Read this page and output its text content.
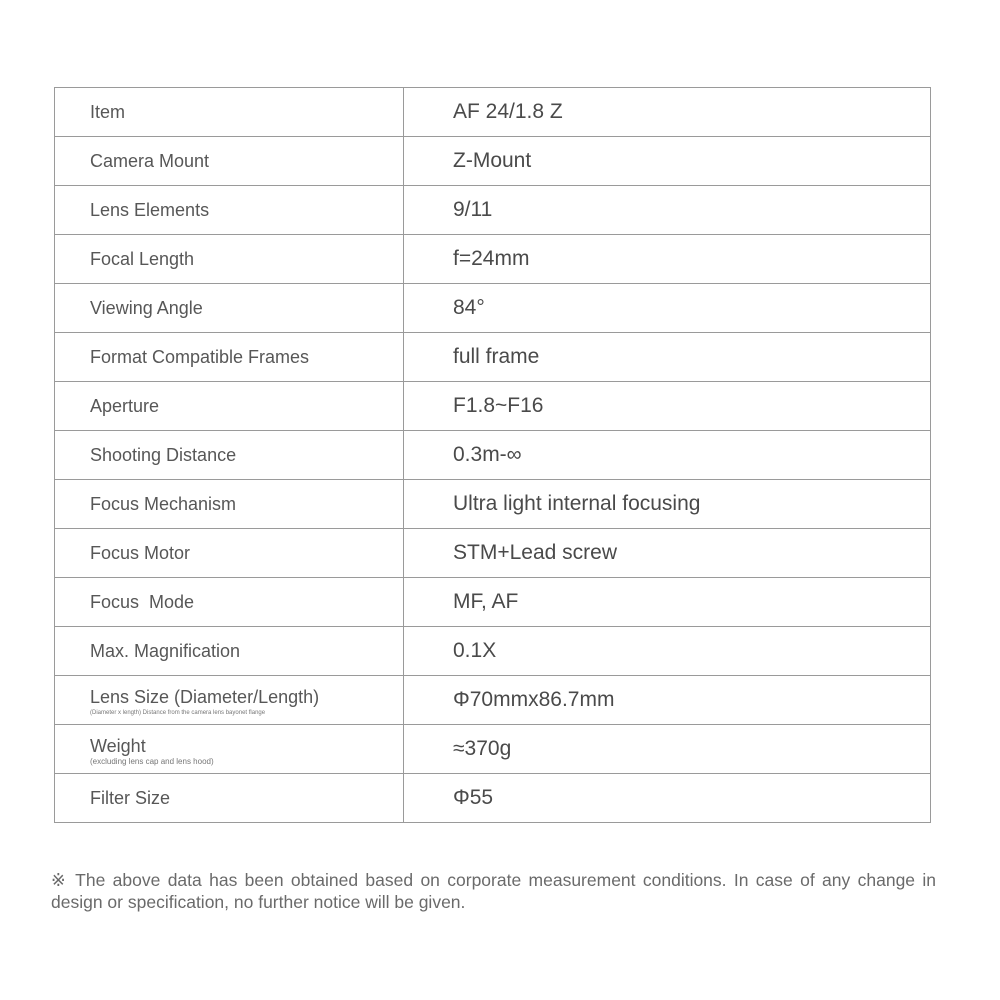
Item	AF 24/1.8 Z
Camera Mount	Z-Mount
Lens Elements	9/11
Focal Length	f=24mm
Viewing Angle	84°
Format Compatible Frames	full frame
Aperture	F1.8~F16
Shooting Distance	0.3m-∞
Focus Mechanism	Ultra light internal focusing
Focus Motor	STM+Lead screw
Focus  Mode	MF, AF
Max. Magnification	0.1X

Lens Size (Diameter/Length)
(Diameter x length) Distance from the camera lens bayonet flange	Φ70mmx86.7mm

Weight
(excluding lens cap and lens hood)	≈370g
Filter Size	Φ55

※ The above data has been obtained based on corporate measurement conditions. In case of any change in design or specification, no further notice will be given.
